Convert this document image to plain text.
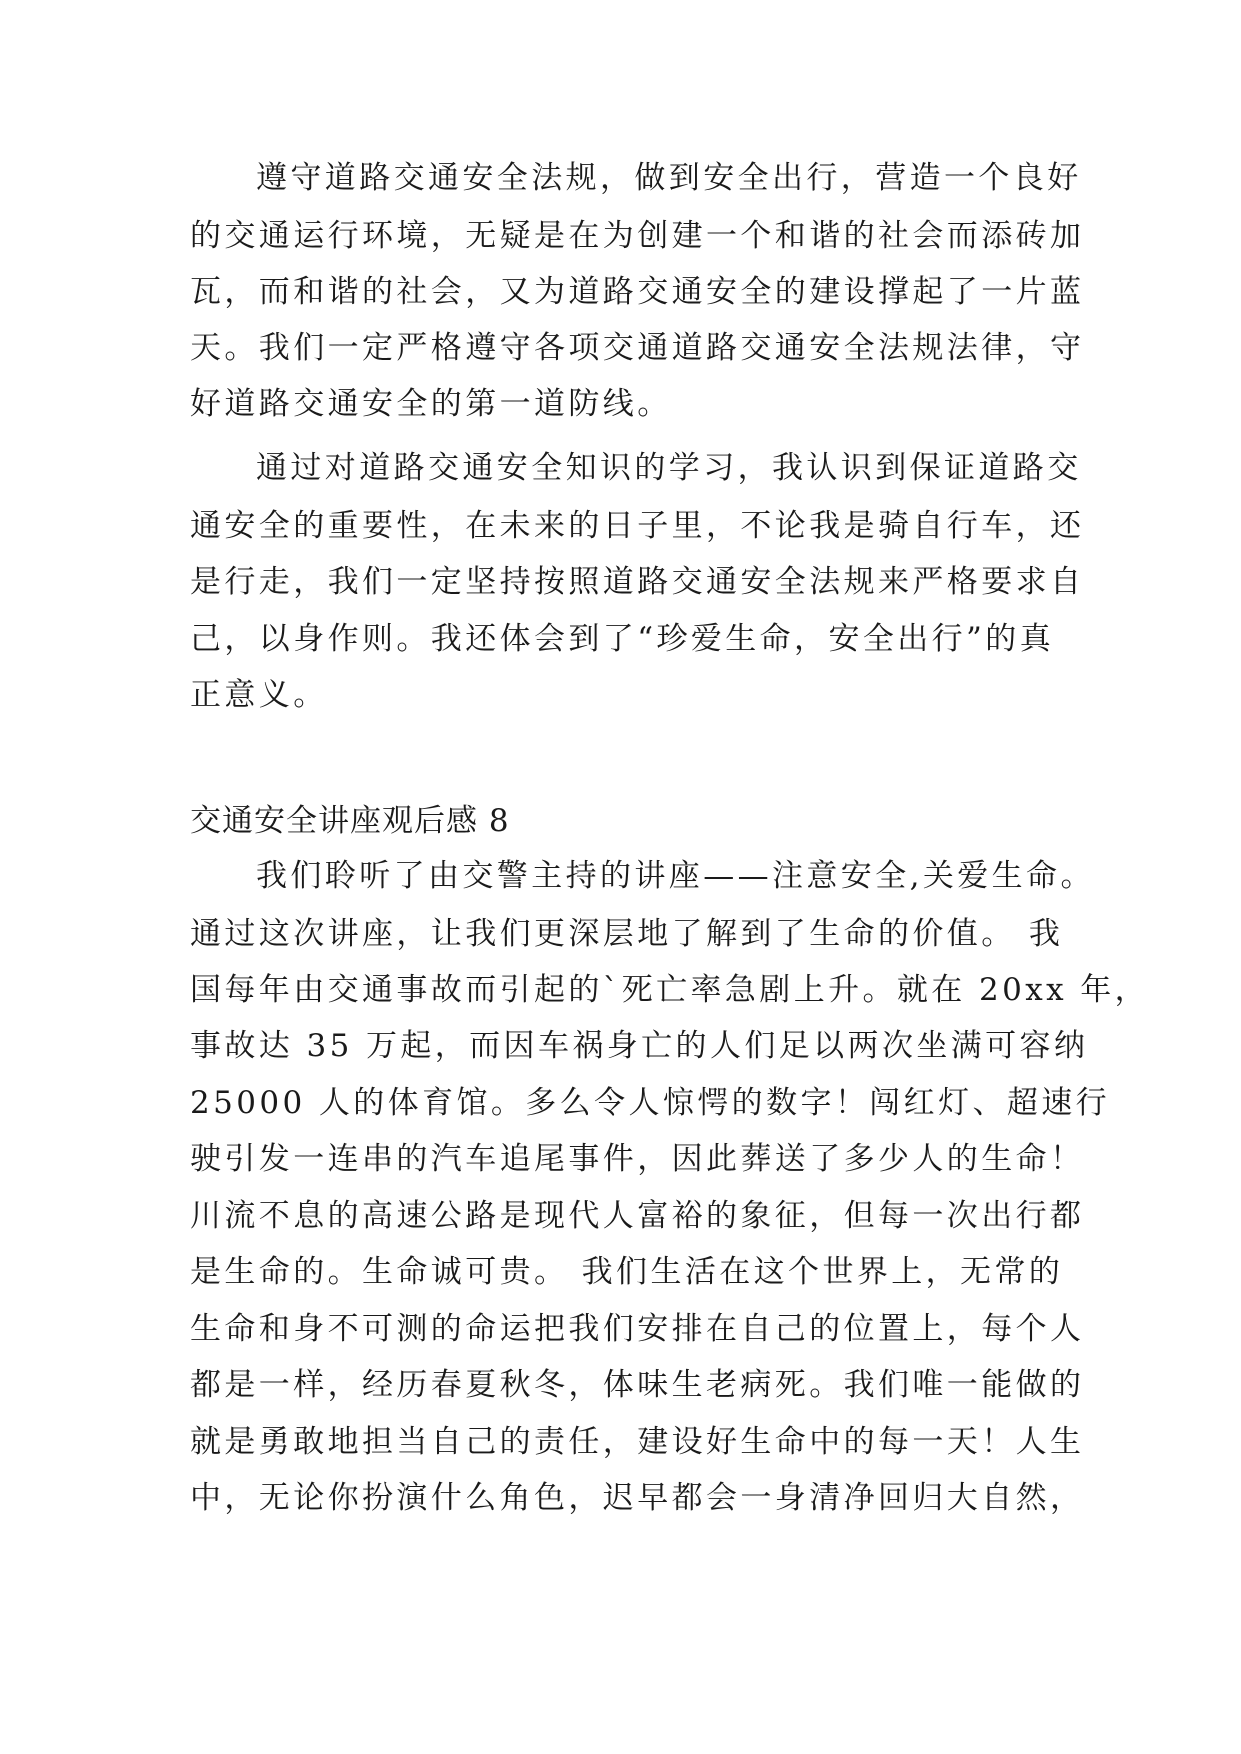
遵守道路交通安全法规，做到安全出行，营造一个良好
的交通运行环境，无疑是在为创建一个和谐的社会而添砖加
瓦，而和谐的社会，又为道路交通安全的建设撑起了一片蓝
天。我们一定严格遵守各项交通道路交通安全法规法律，守
好道路交通安全的第一道防线。
通过对道路交通安全知识的学习，我认识到保证道路交
通安全的重要性，在未来的日子里，不论我是骑自行车，还
是行走，我们一定坚持按照道路交通安全法规来严格要求自
己，以身作则。我还体会到了“珍爱生命，安全出行”的真
正意义。
交通安全讲座观后感 8
我们聆听了由交警主持的讲座——注意安全,关爱生命。
通过这次讲座，让我们更深层地了解到了生命的价值。 我
国每年由交通事故而引起的`死亡率急剧上升。就在 20xx 年，
事故达 35 万起，而因车祸身亡的人们足以两次坐满可容纳
25000 人的体育馆。多么令人惊愕的数字！闯红灯、超速行
驶引发一连串的汽车追尾事件，因此葬送了多少人的生命！
川流不息的高速公路是现代人富裕的象征，但每一次出行都
是生命的。生命诚可贵。 我们生活在这个世界上，无常的
生命和身不可测的命运把我们安排在自己的位置上，每个人
都是一样，经历春夏秋冬，体味生老病死。我们唯一能做的
就是勇敢地担当自己的责任，建设好生命中的每一天！人生
中，无论你扮演什么角色，迟早都会一身清净回归大自然，
